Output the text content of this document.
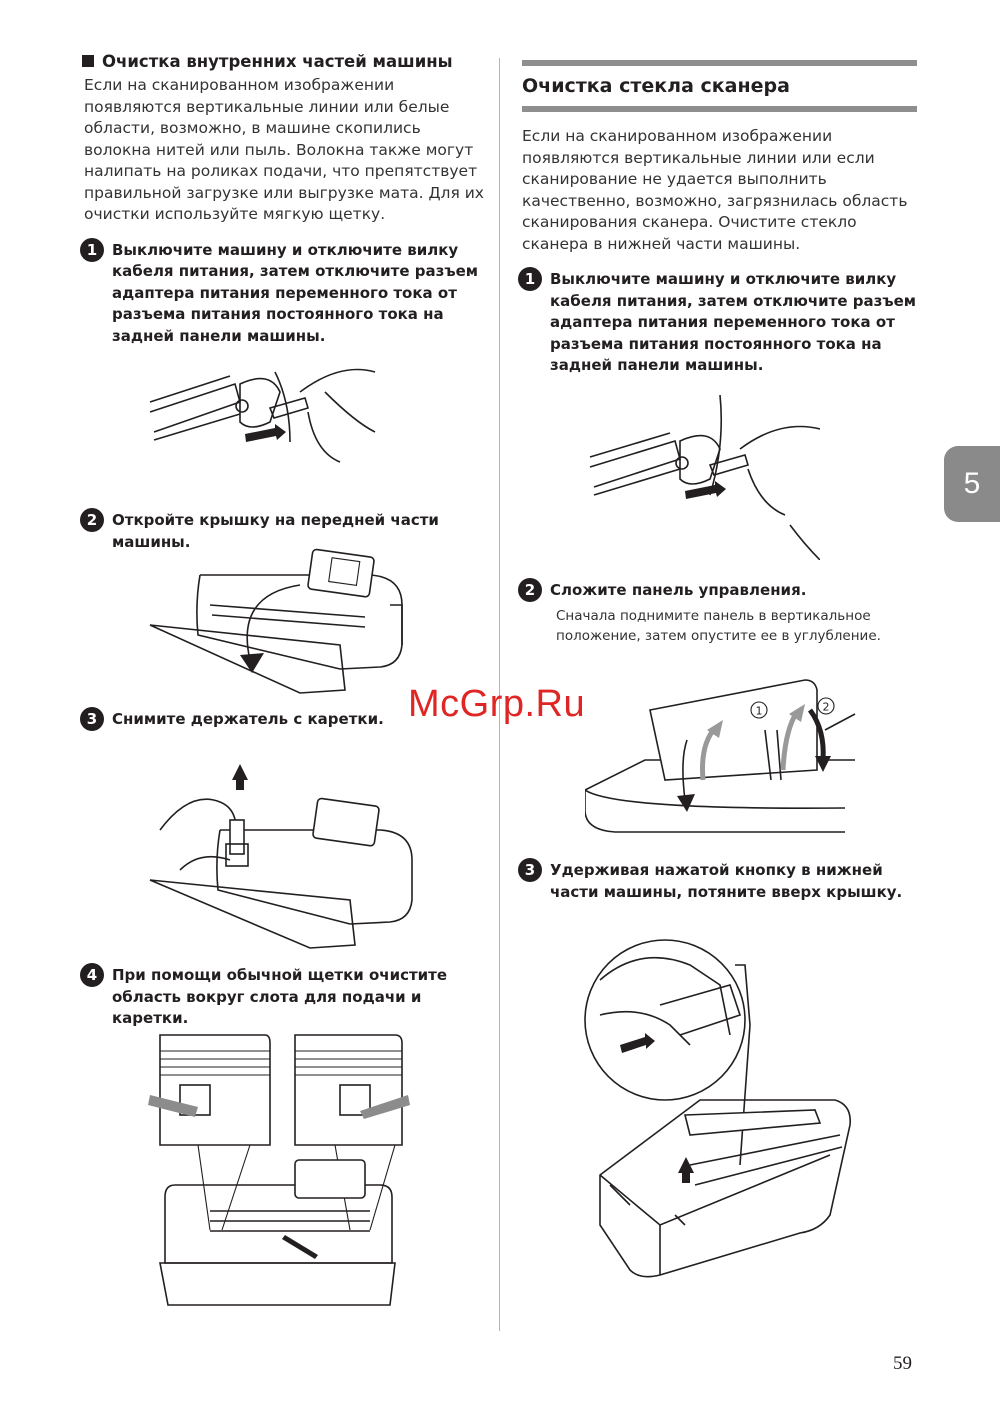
Очистка внутренних частей машины

Если на сканированном изображении появляются вертикальные линии или белые области, возможно, в машине скопились волокна нитей или пыль. Волокна также могут налипать на роликах подачи, что препятствует правильной загрузке или выгрузке мата. Для их очистки используйте мягкую щетку.

1 Выключите машину и отключите вилку кабеля питания, затем отключите разъем адаптера питания переменного тока от разъема питания постоянного тока на задней панели машины.
2 Откройте крышку на передней части машины.
3 Снимите держатель с каретки.
4 При помощи обычной щетки очистите область вокруг слота для подачи и каретки.
Очистка стекла сканера

Если на сканированном изображении появляются вертикальные линии или если сканирование не удается выполнить качественно, возможно, загрязнилась область сканирования сканера. Очистите стекло сканера в нижней части машины.

1 Выключите машину и отключите вилку кабеля питания, затем отключите разъем адаптера питания переменного тока от разъема питания постоянного тока на задней панели машины.
2 Сложите панель управления.
Сначала поднимите панель в вертикальное положение, затем опустите ее в углубление.
1	2
3 Удерживая нажатой кнопку в нижней части машины, потяните вверх крышку.
5
McGrp.Ru
59
